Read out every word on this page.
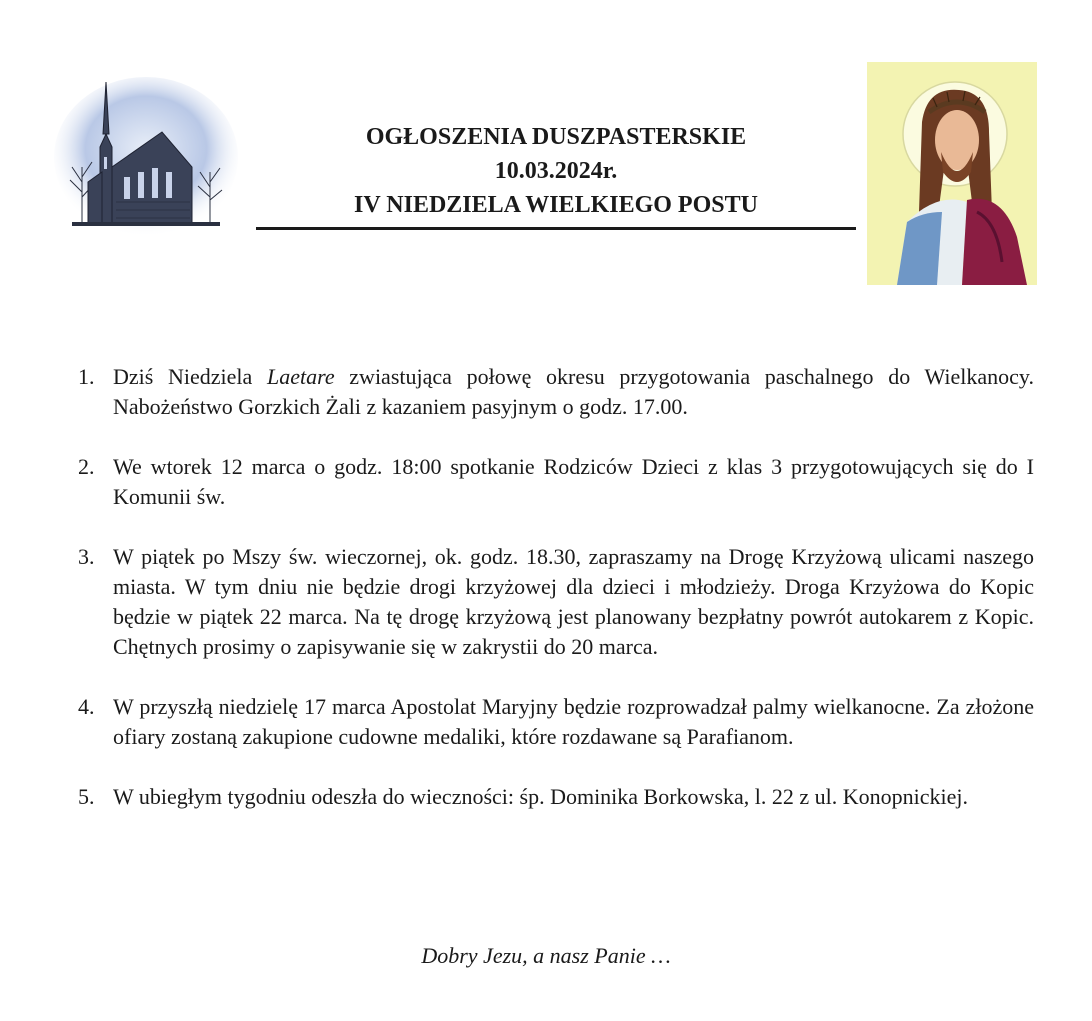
OGŁOSZENIA DUSZPASTERSKIE
10.03.2024r.
IV NIEDZIELA WIELKIEGO POSTU
1. Dziś Niedziela Laetare zwiastująca połowę okresu przygotowania paschalnego do Wielkanocy. Nabożeństwo Gorzkich Żali z kazaniem pasyjnym o godz. 17.00.

2. We wtorek 12 marca o godz. 18:00 spotkanie Rodziców Dzieci z klas 3 przygotowujących się do I Komunii św.

3. W piątek po Mszy św. wieczornej, ok. godz. 18.30, zapraszamy na Drogę Krzyżową ulicami naszego miasta. W tym dniu nie będzie drogi krzyżowej dla dzieci i młodzieży. Droga Krzyżowa do Kopic będzie w piątek 22 marca. Na tę drogę krzyżową jest planowany bezpłatny powrót autokarem z Kopic. Chętnych prosimy o zapisywanie się w zakrystii do 20 marca.

4. W przyszłą niedzielę 17 marca Apostolat Maryjny będzie rozprowadzał palmy wielkanocne. Za złożone ofiary zostaną zakupione cudowne medaliki, które rozdawane są Parafianom.

5. W ubiegłym tygodniu odeszła do wieczności: śp. Dominika Borkowska, l. 22 z ul. Konopnickiej.

Dobry Jezu, a nasz Panie …
